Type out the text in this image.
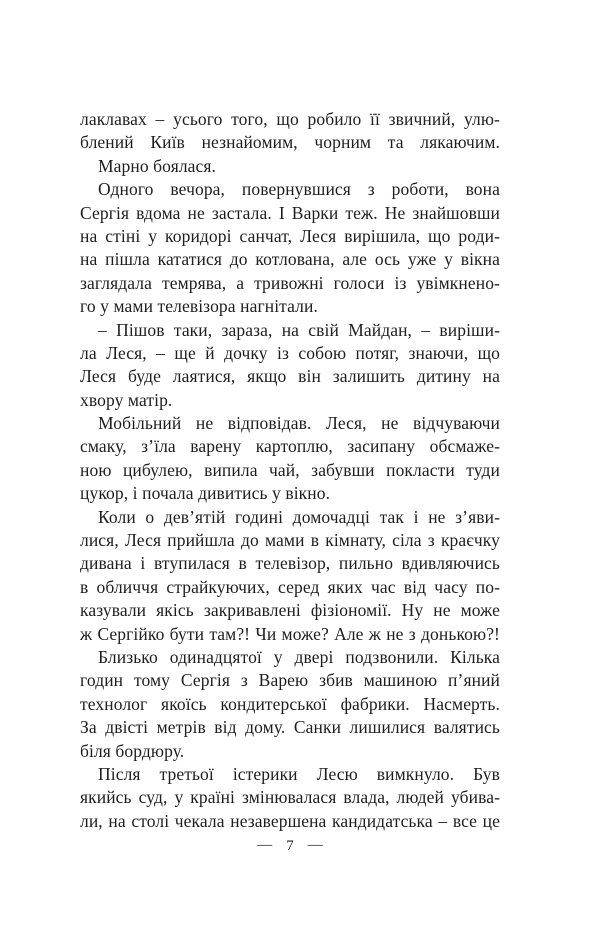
лаклавах – усього того, що робило її звичний, улю-
блений Київ незнайомим, чорним та лякаючим.
Марно боялася.
Одного вечора, повернувшися з роботи, вона
Сергія вдома не застала. І Варки теж. Не знайшовши
на стіні у коридорі санчат, Леся вирішила, що роди-
на пішла кататися до котлована, але ось уже у вікна
заглядала темрява, а тривожні голоси із увімкнено-
го у мами телевізора нагнітали.
– Пішов таки, зараза, на свій Майдан, – виріши-
ла Леся, – ще й дочку із собою потяг, знаючи, що
Леся буде лаятися, якщо він залишить дитину на
хвору матір.
Мобільний не відповідав. Леся, не відчуваючи
смаку, з’їла варену картоплю, засипану обсмаже-
ною цибулею, випила чай, забувши покласти туди
цукор, і почала дивитись у вікно.
Коли о дев’ятій годині домочадці так і не з’яви-
лися, Леся прийшла до мами в кімнату, сіла з краєчку
дивана і втупилася в телевізор, пильно вдивляючись
в обличчя страйкуючих, серед яких час від часу по-
казували якісь закривавлені фізіономії. Ну не може
ж Сергійко бути там?! Чи може? Але ж не з донькою?!
Близько одинадцятої у двері подзвонили. Кілька
годин тому Сергія з Варею збив машиною п’яний
технолог якоїсь кондитерської фабрики. Насмерть.
За двісті метрів від дому. Санки лишилися валятись
біля бордюру.
Після третьої істерики Лесю вимкнуло. Був
якийсь суд, у країні змінювалася влада, людей убива-
ли, на столі чекала незавершена кандидатська – все це
— 7 —
